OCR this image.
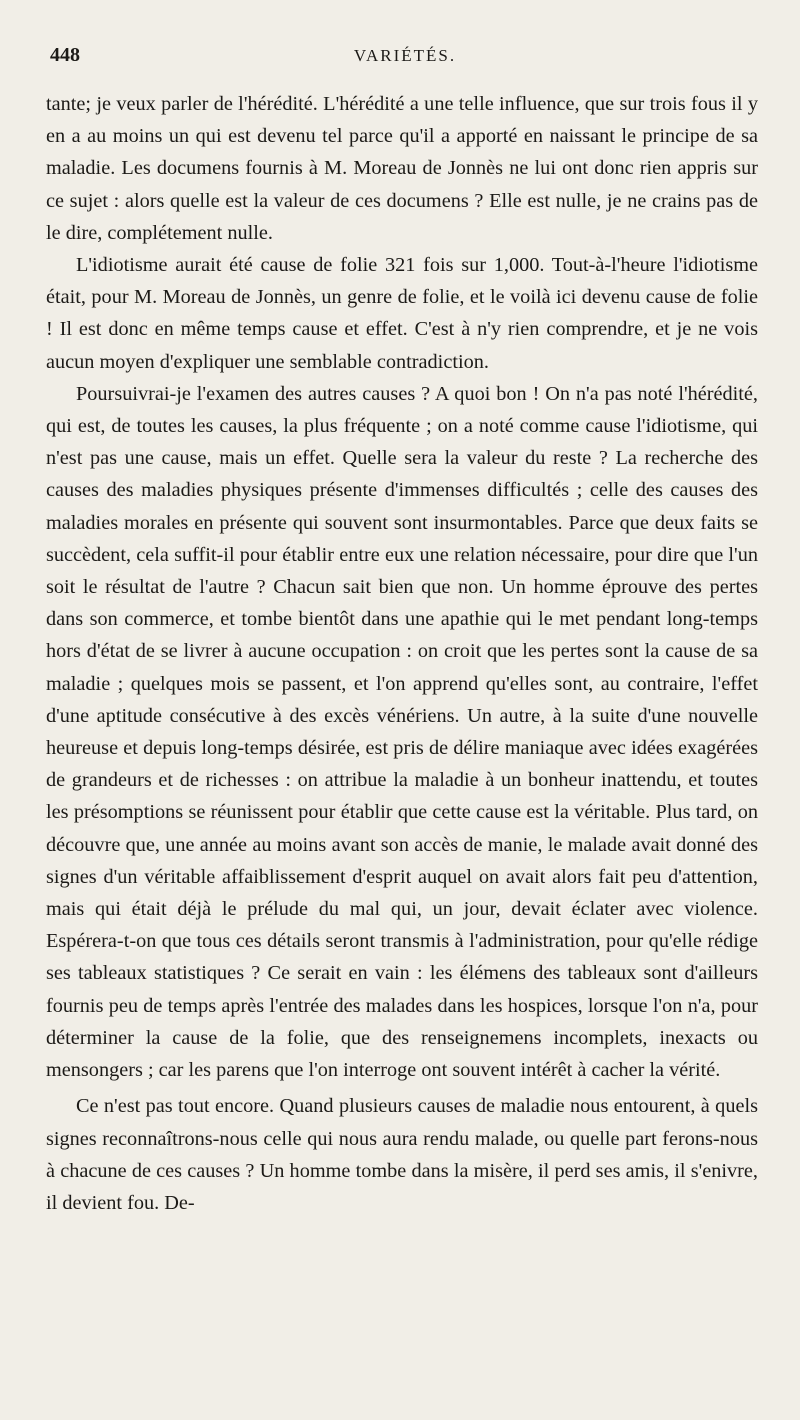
448	VARIÉTÉS.

tante; je veux parler de l'hérédité. L'hérédité a une telle influence, que sur trois fous il y en a au moins un qui est devenu tel parce qu'il a apporté en naissant le principe de sa maladie. Les documens fournis à M. Moreau de Jonnès ne lui ont donc rien appris sur ce sujet : alors quelle est la valeur de ces documens ? Elle est nulle, je ne crains pas de le dire, complétement nulle.

L'idiotisme aurait été cause de folie 321 fois sur 1,000. Tout-à-l'heure l'idiotisme était, pour M. Moreau de Jonnès, un genre de folie, et le voilà ici devenu cause de folie ! Il est donc en même temps cause et effet. C'est à n'y rien comprendre, et je ne vois aucun moyen d'expliquer une semblable contradiction.

Poursuivrai-je l'examen des autres causes ? A quoi bon ! On n'a pas noté l'hérédité, qui est, de toutes les causes, la plus fréquente ; on a noté comme cause l'idiotisme, qui n'est pas une cause, mais un effet. Quelle sera la valeur du reste ? La recherche des causes des maladies physiques présente d'immenses difficultés ; celle des causes des maladies morales en présente qui souvent sont insurmontables. Parce que deux faits se succèdent, cela suffit-il pour établir entre eux une relation nécessaire, pour dire que l'un soit le résultat de l'autre ? Chacun sait bien que non. Un homme éprouve des pertes dans son commerce, et tombe bientôt dans une apathie qui le met pendant long-temps hors d'état de se livrer à aucune occupation : on croit que les pertes sont la cause de sa maladie ; quelques mois se passent, et l'on apprend qu'elles sont, au contraire, l'effet d'une aptitude consécutive à des excès vénériens. Un autre, à la suite d'une nouvelle heureuse et depuis long-temps désirée, est pris de délire maniaque avec idées exagérées de grandeurs et de richesses : on attribue la maladie à un bonheur inattendu, et toutes les présomptions se réunissent pour établir que cette cause est la véritable. Plus tard, on découvre que, une année au moins avant son accès de manie, le malade avait donné des signes d'un véritable affaiblissement d'esprit auquel on avait alors fait peu d'attention, mais qui était déjà le prélude du mal qui, un jour, devait éclater avec violence. Espérera-t-on que tous ces détails seront transmis à l'administration, pour qu'elle rédige ses tableaux statistiques ? Ce serait en vain : les élémens des tableaux sont d'ailleurs fournis peu de temps après l'entrée des malades dans les hospices, lorsque l'on n'a, pour déterminer la cause de la folie, que des renseignemens incomplets, inexacts ou mensongers ; car les parens que l'on interroge ont souvent intérêt à cacher la vérité.

Ce n'est pas tout encore. Quand plusieurs causes de maladie nous entourent, à quels signes reconnaîtrons-nous celle qui nous aura rendu malade, ou quelle part ferons-nous à chacune de ces causes ? Un homme tombe dans la misère, il perd ses amis, il s'enivre, il devient fou. De-
